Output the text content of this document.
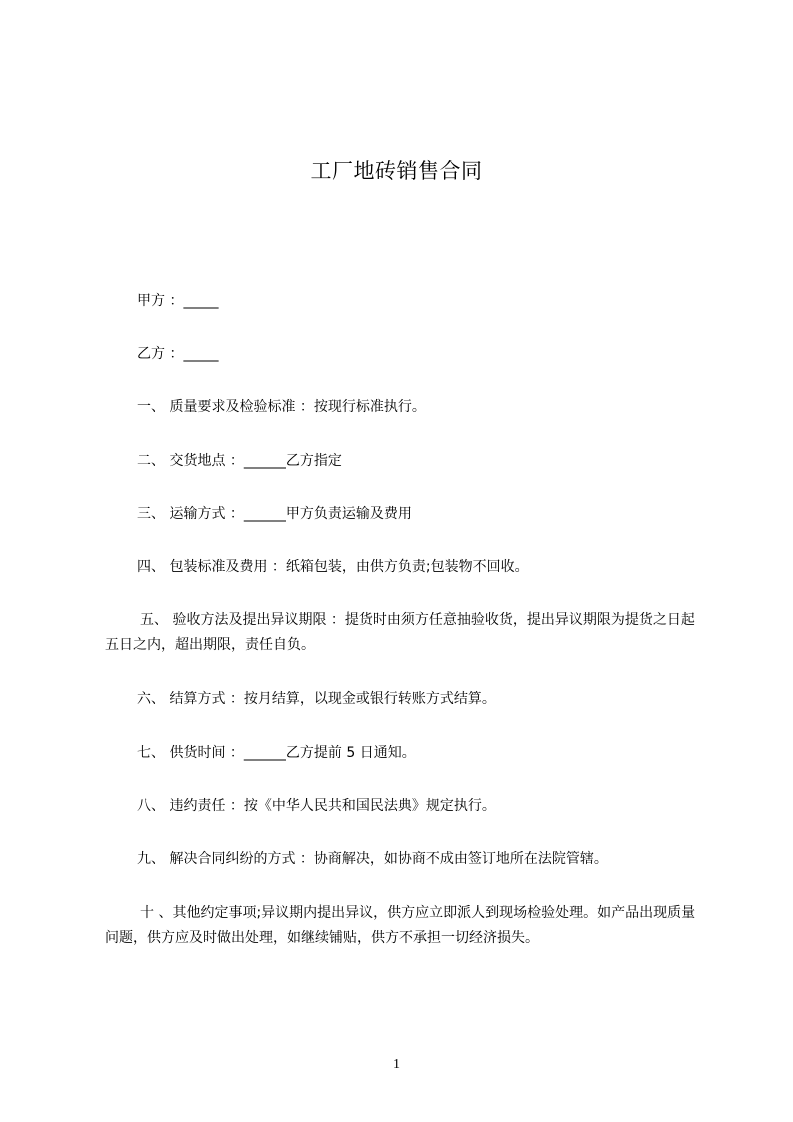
工厂地砖销售合同
甲方 ：_____
乙方 ：_____
一、 质量要求及检验标准 ：按现行标准执行。
二、 交货地点 ：______乙方指定
三、 运输方式 ：______甲方负责运输及费用
四、 包装标准及费用 ：纸箱包装，由供方负责;包装物不回收。
五、 验收方法及提出异议期限 ：提货时由须方任意抽验收货，提出异议期限为提货之日起五日之内，超出期限，责任自负。
六、 结算方式 ：按月结算，以现金或银行转账方式结算。
七、 供货时间 ：______乙方提前 5 日通知。
八、 违约责任 ：按《中华人民共和国民法典》规定执行。
九、 解决合同纠纷的方式 ：协商解决，如协商不成由签订地所在法院管辖。
十 、其他约定事项;异议期内提出异议，供方应立即派人到现场检验处理。如产品出现质量问题，供方应及时做出处理，如继续铺贴，供方不承担一切经济损失。
1
